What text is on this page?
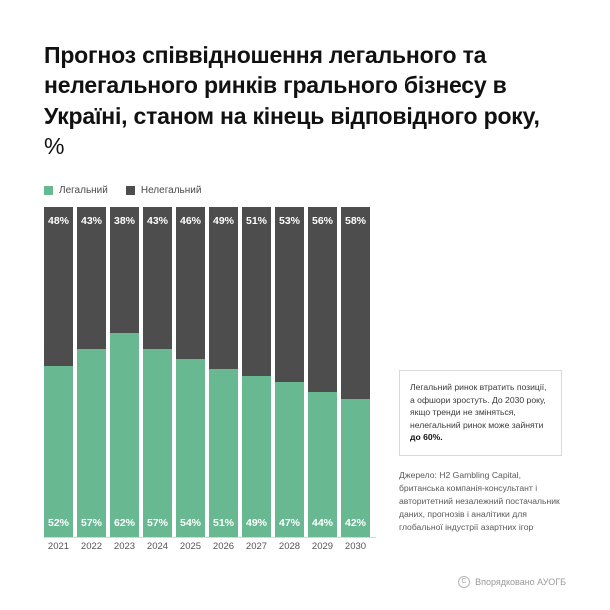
Прогноз співвідношення легального та нелегального ринків грального бізнесу в Україні, станом на кінець відповідного року, %
Легальний	Нелегальний
48%
52%
43%
57%
38%
62%
43%
57%
46%
54%
49%
51%
51%
49%
53%
47%
56%
44%
58%
42%
2021	2022	2023	2024	2025	2026	2027	2028	2029	2030
Легальний ринок втратить позиції, а офшори зростуть. До 2030 року, якщо тренди не зміняться, нелегальний ринок може зайняти до 60%.
Джерело: H2 Gambling Capital, британська компанія-консультант і авторитетний незалежний постачальник даних, прогнозів і аналітики для глобальної індустрії азартних ігор
C Впорядковано АУОГБ
